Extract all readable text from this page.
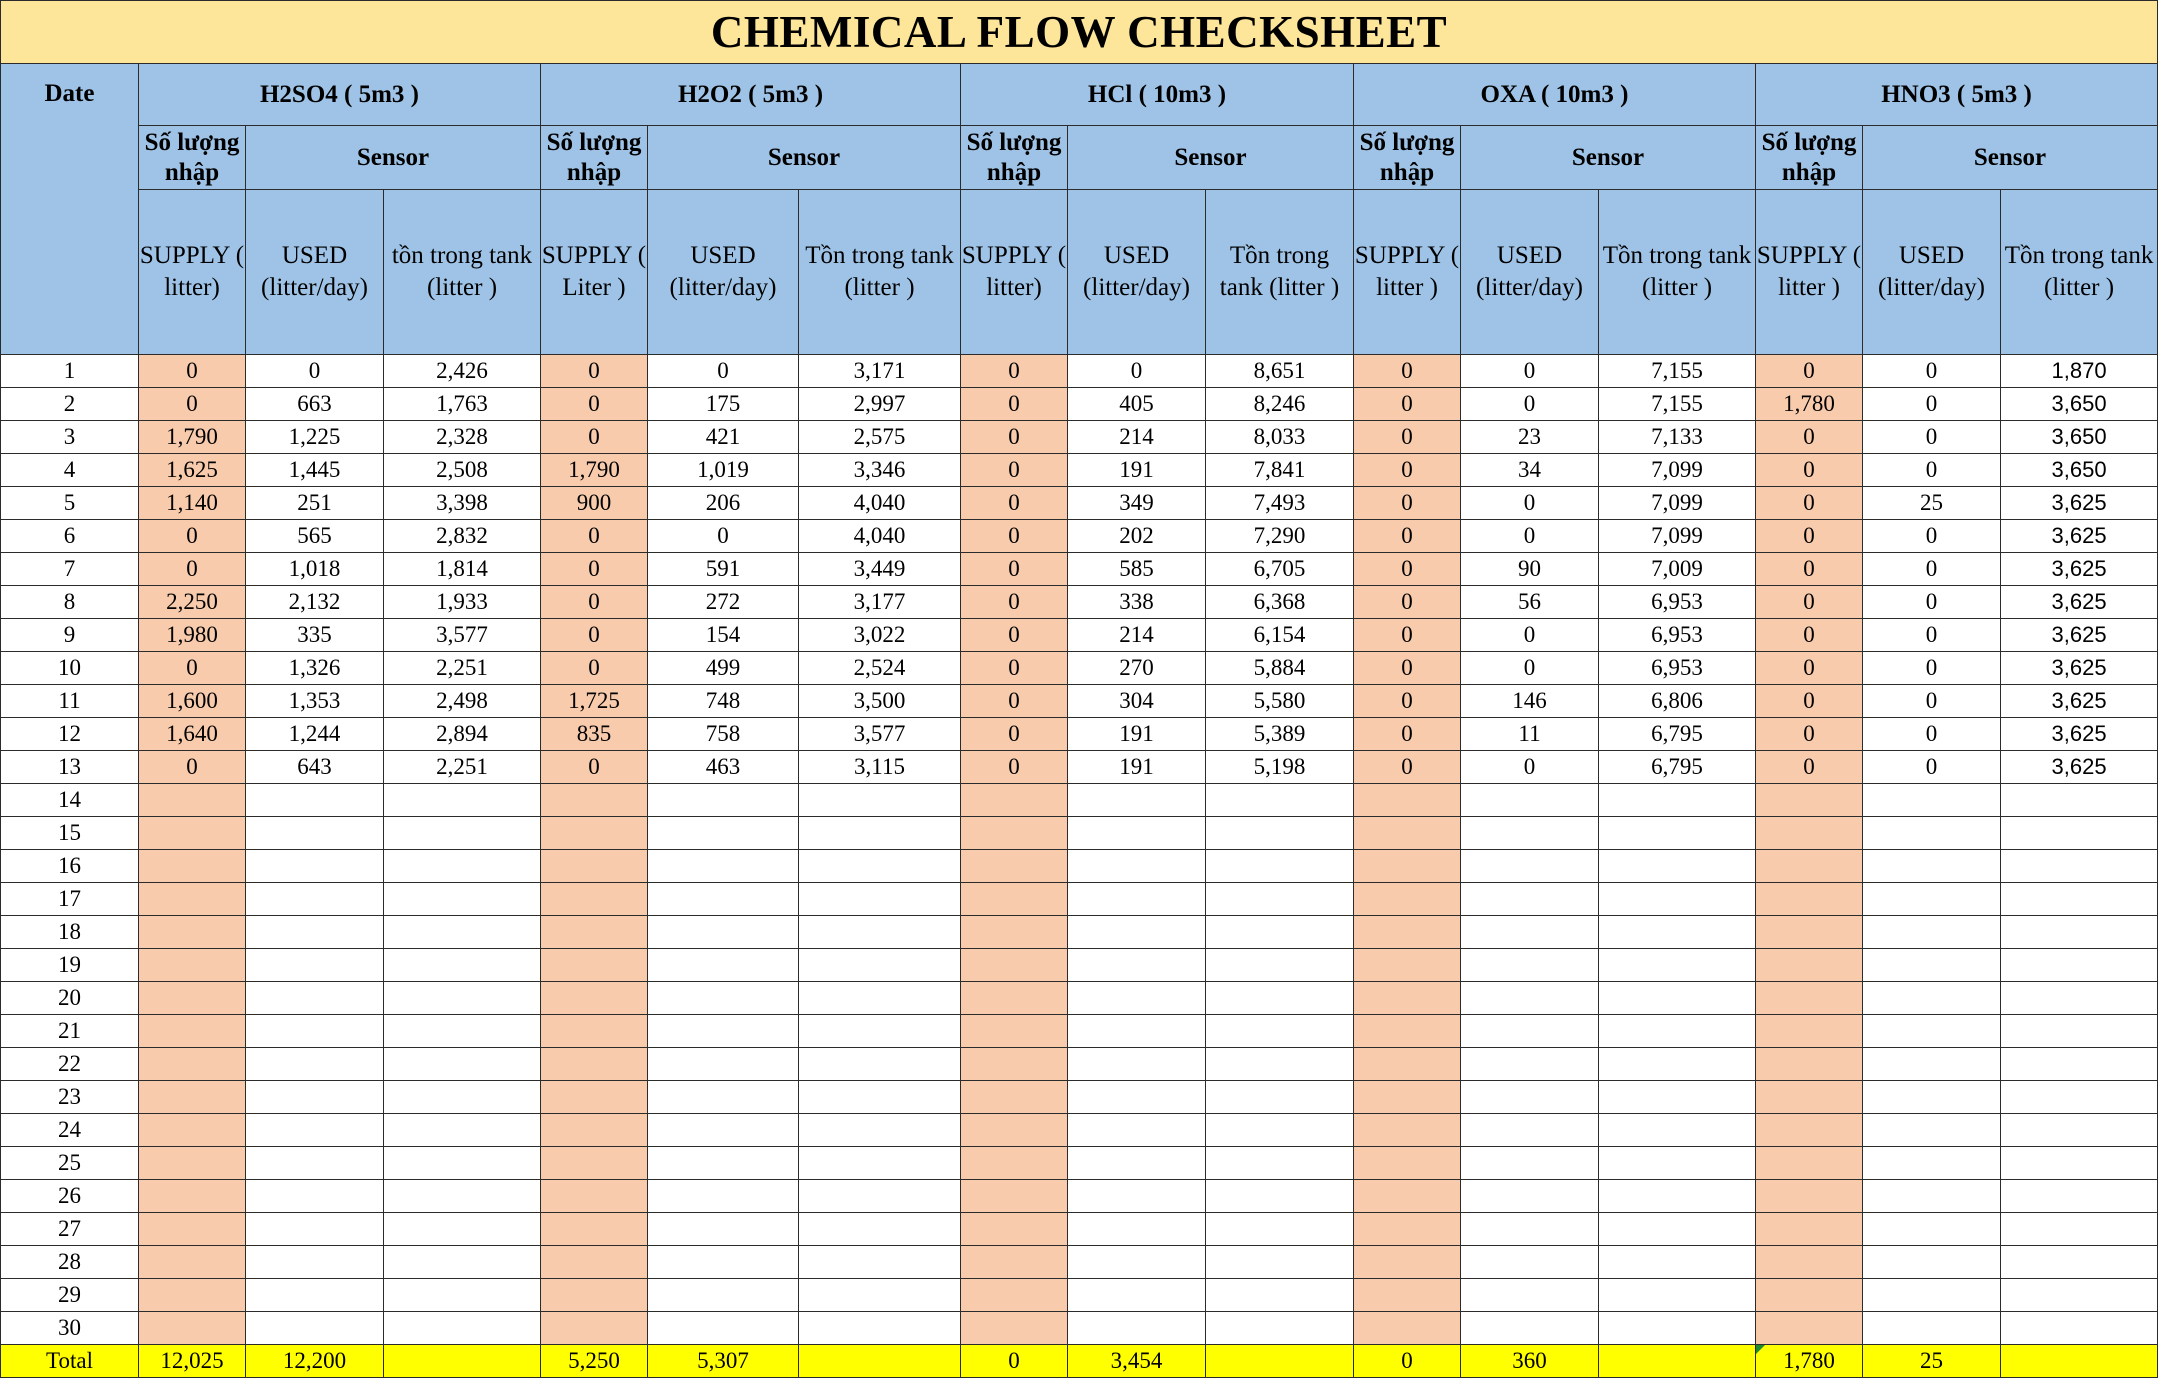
CHEMICAL FLOW CHECKSHEET															
Date	H2SO4 ( 5m3 )			H2O2 ( 5m3 )			HCl ( 10m3 )			OXA ( 10m3 )			HNO3 ( 5m3 )		
	Số lượng nhập	Sensor		Số lượng nhập	Sensor		Số lượng nhập	Sensor		Số lượng nhập	Sensor		Số lượng nhập	Sensor	
	SUPPLY ( litter)	USED (litter/day)	tồn trong tank (litter )	SUPPLY ( Liter )	USED (litter/day)	Tồn trong tank (litter )	SUPPLY ( litter)	USED (litter/day)	Tồn trong tank (litter )	SUPPLY ( litter )	USED (litter/day)	Tồn trong tank (litter )	SUPPLY ( litter )	USED (litter/day)	Tồn trong tank (litter )
1	0	0	2,426	0	0	3,171	0	0	8,651	0	0	7,155	0	0	1,870
2	0	663	1,763	0	175	2,997	0	405	8,246	0	0	7,155	1,780	0	3,650
3	1,790	1,225	2,328	0	421	2,575	0	214	8,033	0	23	7,133	0	0	3,650
4	1,625	1,445	2,508	1,790	1,019	3,346	0	191	7,841	0	34	7,099	0	0	3,650
5	1,140	251	3,398	900	206	4,040	0	349	7,493	0	0	7,099	0	25	3,625
6	0	565	2,832	0	0	4,040	0	202	7,290	0	0	7,099	0	0	3,625
7	0	1,018	1,814	0	591	3,449	0	585	6,705	0	90	7,009	0	0	3,625
8	2,250	2,132	1,933	0	272	3,177	0	338	6,368	0	56	6,953	0	0	3,625
9	1,980	335	3,577	0	154	3,022	0	214	6,154	0	0	6,953	0	0	3,625
10	0	1,326	2,251	0	499	2,524	0	270	5,884	0	0	6,953	0	0	3,625
11	1,600	1,353	2,498	1,725	748	3,500	0	304	5,580	0	146	6,806	0	0	3,625
12	1,640	1,244	2,894	835	758	3,577	0	191	5,389	0	11	6,795	0	0	3,625
13	0	643	2,251	0	463	3,115	0	191	5,198	0	0	6,795	0	0	3,625
14															
15															
16															
17															
18															
19															
20															
21															
22															
23															
24															
25															
26															
27															
28															
29															
30															
Total	12,025	12,200		5,250	5,307		0	3,454		0	360		1,780	25	
